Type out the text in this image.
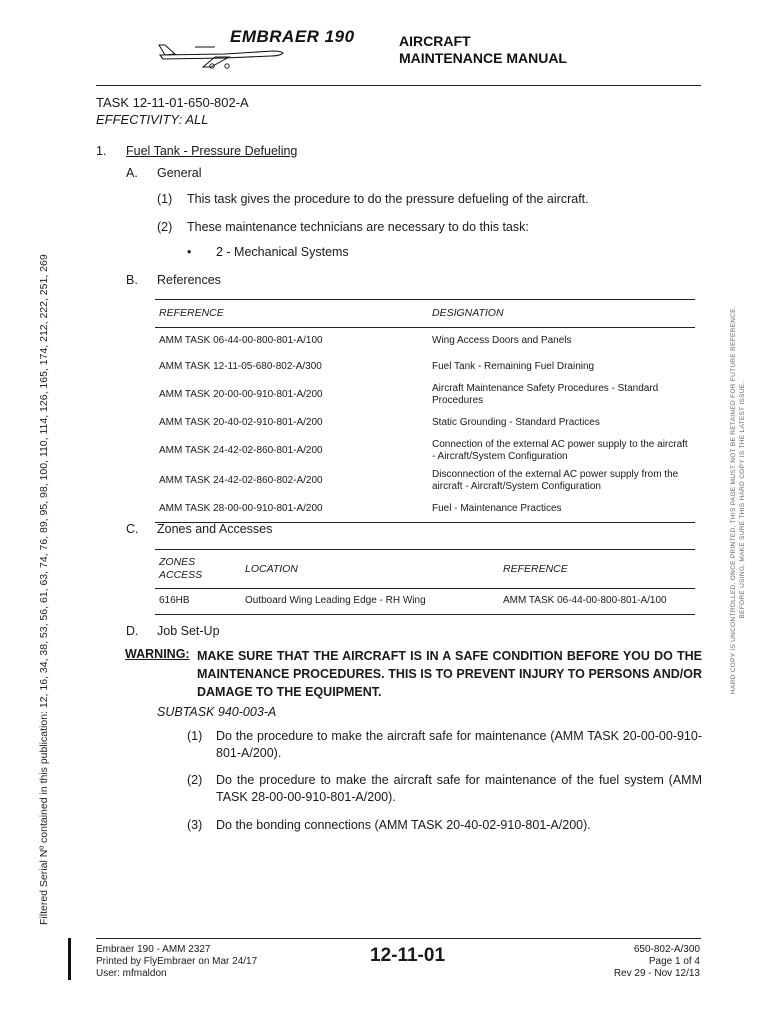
EMBRAER 190	AIRCRAFT
MAINTENANCE MANUAL
TASK 12-11-01-650-802-A
EFFECTIVITY: ALL
1. Fuel Tank - Pressure Defueling
A. General
(1) This task gives the procedure to do the pressure defueling of the aircraft.
(2) These maintenance technicians are necessary to do this task:
• 2 - Mechanical Systems
B. References
REFERENCE	DESIGNATION
AMM TASK 06-44-00-800-801-A/100	Wing Access Doors and Panels
AMM TASK 12-11-05-680-802-A/300	Fuel Tank - Remaining Fuel Draining
AMM TASK 20-00-00-910-801-A/200	Aircraft Maintenance Safety Procedures - Standard Procedures
AMM TASK 20-40-02-910-801-A/200	Static Grounding - Standard Practices
AMM TASK 24-42-02-860-801-A/200	Connection of the external AC power supply to the aircraft - Aircraft/System Configuration
AMM TASK 24-42-02-860-802-A/200	Disconnection of the external AC power supply from the aircraft - Aircraft/System Configuration
AMM TASK 28-00-00-910-801-A/200	Fuel - Maintenance Practices
C. Zones and Accesses
ZONES
ACCESS	LOCATION	REFERENCE
616HB	Outboard Wing Leading Edge - RH Wing	AMM TASK 06-44-00-800-801-A/100
D. Job Set-Up
WARNING: MAKE SURE THAT THE AIRCRAFT IS IN A SAFE CONDITION BEFORE YOU DO THE MAINTENANCE PROCEDURES. THIS IS TO PREVENT INJURY TO PERSONS AND/OR DAMAGE TO THE EQUIPMENT.
SUBTASK 940-003-A
(1) Do the procedure to make the aircraft safe for maintenance (AMM TASK 20-00-00-910-801-A/200).
(2) Do the procedure to make the aircraft safe for maintenance of the fuel system (AMM TASK 28-00-00-910-801-A/200).
(3) Do the bonding connections (AMM TASK 20-40-02-910-801-A/200).
Filtered Serial Nº contained in this publication: 12, 16, 34, 38, 53, 56, 61, 63, 74, 76, 89, 95, 98, 100, 110, 114, 126, 165, 174, 212, 222, 251, 269	HARD COPY IS UNCONTROLLED. ONCE PRINTED, THIS PAGE MUST NOT BE RETAINED FOR FUTURE REFERENCE. BEFORE USING, MAKE SURE THIS HARD COPY IS THE LATEST ISSUE.
Embraer 190 - AMM 2327
Printed by FlyEmbraer on Mar 24/17
User: mfmaldon
12-11-01	650-802-A/300
Page 1 of 4
Rev 29 - Nov 12/13
